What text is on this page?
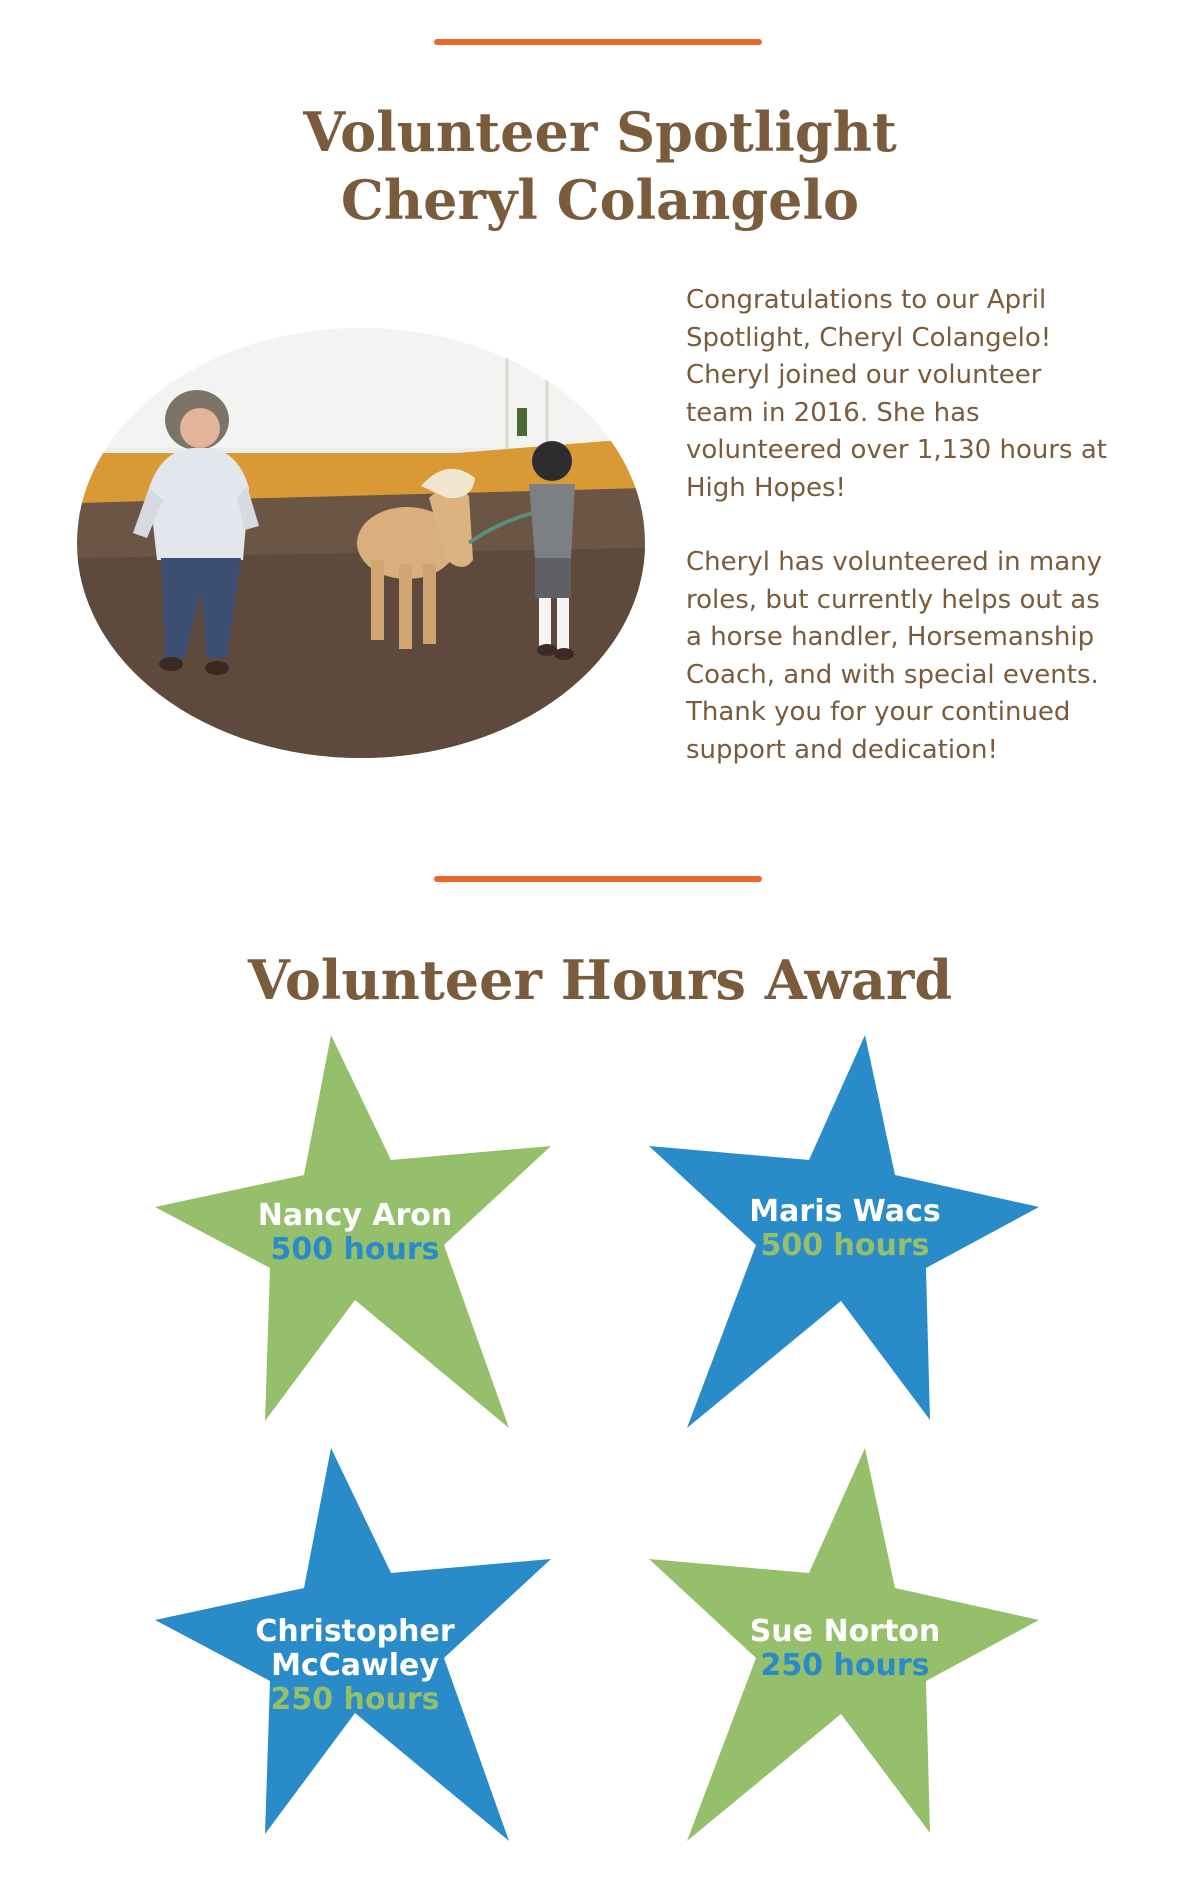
Volunteer Spotlight
Cheryl Colangelo

Congratulations to our April Spotlight, Cheryl Colangelo! Cheryl joined our volunteer team in 2016. She has volunteered over 1,130 hours at High Hopes!

Cheryl has volunteered in many roles, but currently helps out as a horse handler, Horsemanship Coach, and with special events. Thank you for your continued support and dedication!

Volunteer Hours Award
Nancy Aron
500 hours
Maris Wacs
500 hours
Christopher
McCawley
250 hours
Sue Norton
250 hours
